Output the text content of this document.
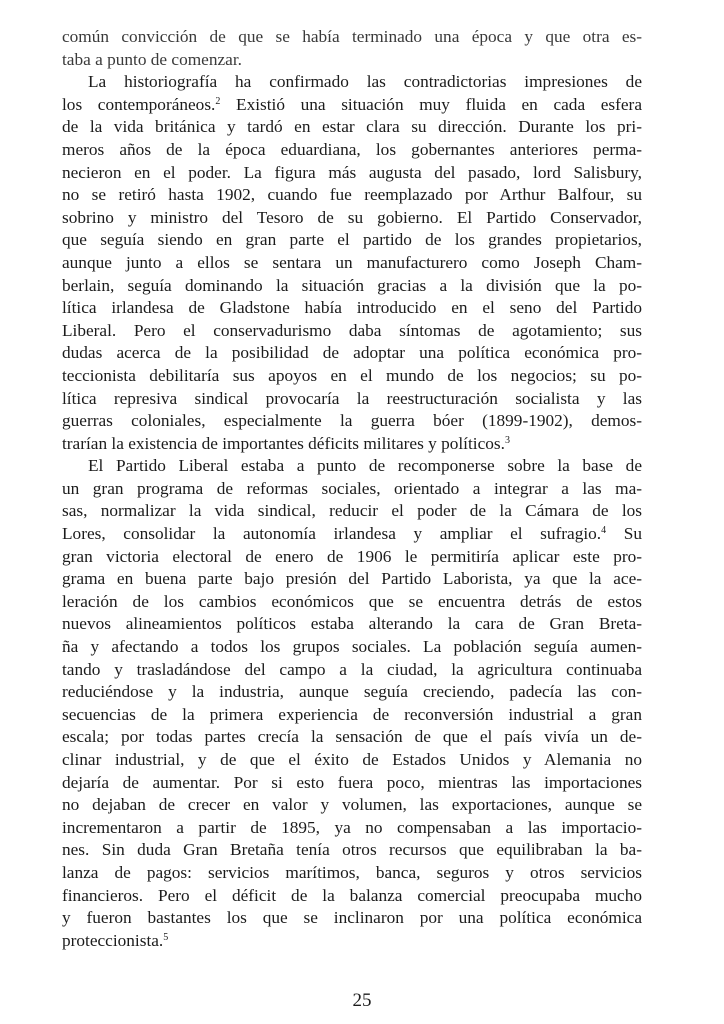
común convicción de que se había terminado una época y que otra es-
taba a punto de comenzar.
La historiografía ha confirmado las contradictorias impresiones de
los contemporáneos.$^2$ Existió una situación muy fluida en cada esfera
de la vida británica y tardó en estar clara su dirección. Durante los pri-
meros años de la época eduardiana, los gobernantes anteriores perma-
necieron en el poder. La figura más augusta del pasado, lord Salisbury,
no se retiró hasta 1902, cuando fue reemplazado por Arthur Balfour, su
sobrino y ministro del Tesoro de su gobierno. El Partido Conservador,
que seguía siendo en gran parte el partido de los grandes propietarios,
aunque junto a ellos se sentara un manufacturero como Joseph Cham-
berlain, seguía dominando la situación gracias a la división que la po-
lítica irlandesa de Gladstone había introducido en el seno del Partido
Liberal. Pero el conservadurismo daba síntomas de agotamiento; sus
dudas acerca de la posibilidad de adoptar una política económica pro-
teccionista debilitaría sus apoyos en el mundo de los negocios; su po-
lítica represiva sindical provocaría la reestructuración socialista y las
guerras coloniales, especialmente la guerra bóer (1899-1902), demos-
trarían la existencia de importantes déficits militares y políticos.$^3$
El Partido Liberal estaba a punto de recomponerse sobre la base de
un gran programa de reformas sociales, orientado a integrar a las ma-
sas, normalizar la vida sindical, reducir el poder de la Cámara de los
Lores, consolidar la autonomía irlandesa y ampliar el sufragio.$^4$ Su
gran victoria electoral de enero de 1906 le permitiría aplicar este pro-
grama en buena parte bajo presión del Partido Laborista, ya que la ace-
leración de los cambios económicos que se encuentra detrás de estos
nuevos alineamientos políticos estaba alterando la cara de Gran Breta-
ña y afectando a todos los grupos sociales. La población seguía aumen-
tando y trasladándose del campo a la ciudad, la agricultura continuaba
reduciéndose y la industria, aunque seguía creciendo, padecía las con-
secuencias de la primera experiencia de reconversión industrial a gran
escala; por todas partes crecía la sensación de que el país vivía un de-
clinar industrial, y de que el éxito de Estados Unidos y Alemania no
dejaría de aumentar. Por si esto fuera poco, mientras las importaciones
no dejaban de crecer en valor y volumen, las exportaciones, aunque se
incrementaron a partir de 1895, ya no compensaban a las importacio-
nes. Sin duda Gran Bretaña tenía otros recursos que equilibraban la ba-
lanza de pagos: servicios marítimos, banca, seguros y otros servicios
financieros. Pero el déficit de la balanza comercial preocupaba mucho
y fueron bastantes los que se inclinaron por una política económica
proteccionista.$^5$
25
